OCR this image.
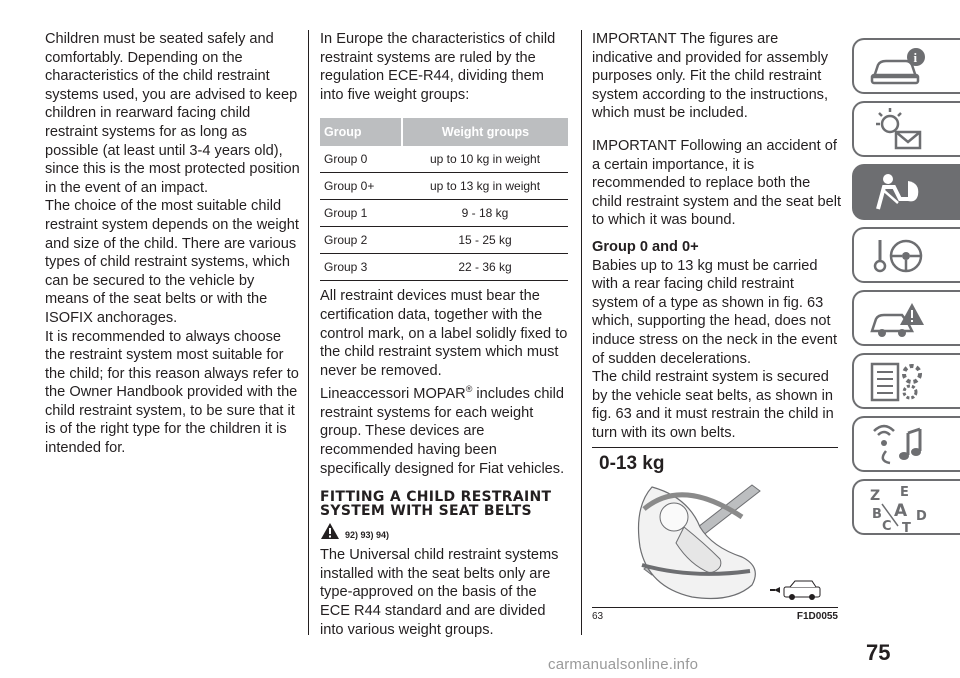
Children must be seated safely and comfortably. Depending on the characteristics of the child restraint systems used, you are advised to keep children in rearward facing child restraint systems for as long as possible (at least until 3-4 years old), since this is the most protected position in the event of an impact.

The choice of the most suitable child restraint system depends on the weight and size of the child. There are various types of child restraint systems, which can be secured to the vehicle by means of the seat belts or with the ISOFIX anchorages.

It is recommended to always choose the restraint system most suitable for the child; for this reason always refer to the Owner Handbook provided with the child restraint system, to be sure that it is of the right type for the children it is intended for.

In Europe the characteristics of child restraint systems are ruled by the regulation ECE-R44, dividing them into five weight groups:

Group	Weight groups
Group 0	up to 10 kg in weight
Group 0+	up to 13 kg in weight
Group 1	9 - 18 kg
Group 2	15 - 25 kg
Group 3	22 - 36 kg

All restraint devices must bear the certification data, together with the control mark, on a label solidly fixed to the child restraint system which must never be removed.

Lineaccessori MOPAR® includes child restraint systems for each weight group. These devices are recommended having been specifically designed for Fiat vehicles.

FITTING A CHILD RESTRAINT SYSTEM WITH SEAT BELTS
92) 93) 94)

The Universal child restraint systems installed with the seat belts only are type-approved on the basis of the ECE R44 standard and are divided into various weight groups.

IMPORTANT The figures are indicative and provided for assembly purposes only. Fit the child restraint system according to the instructions, which must be included.

IMPORTANT Following an accident of a certain importance, it is recommended to replace both the child restraint system and the seat belt to which it was bound.

Group 0 and 0+

Babies up to 13 kg must be carried with a rear facing child restraint system of a type as shown in fig. 63 which, supporting the head, does not induce stress on the neck in the event of sudden decelerations.

The child restraint system is secured by the vehicle seat belts, as shown in fig. 63 and it must restrain the child in turn with its own belts.

0-13 kg
63	F1D0055
i
Z E
B A D
C T
75
carmanualsonline.info
